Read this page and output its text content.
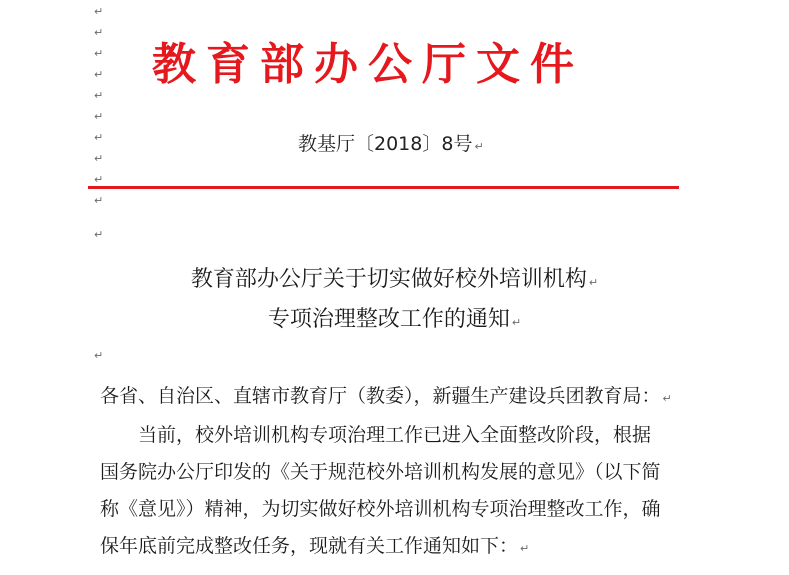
↵
↵
↵
↵
↵
↵
↵
↵
↵
↵
↵
↵
教育部办公厅文件
教基厅〔2018〕8号 ↵
教育部办公厅关于切实做好校外培训机构 ↵
专项治理整改工作的通知 ↵
各省、自治区、直辖市教育厅（教委），新疆生产建设兵团教育局： ↵
当前，校外培训机构专项治理工作已进入全面整改阶段，根据
国务院办公厅印发的《关于规范校外培训机构发展的意见》（以下简
称《意见》）精神，为切实做好校外培训机构专项治理整改工作，确
保年底前完成整改任务，现就有关工作通知如下： ↵
